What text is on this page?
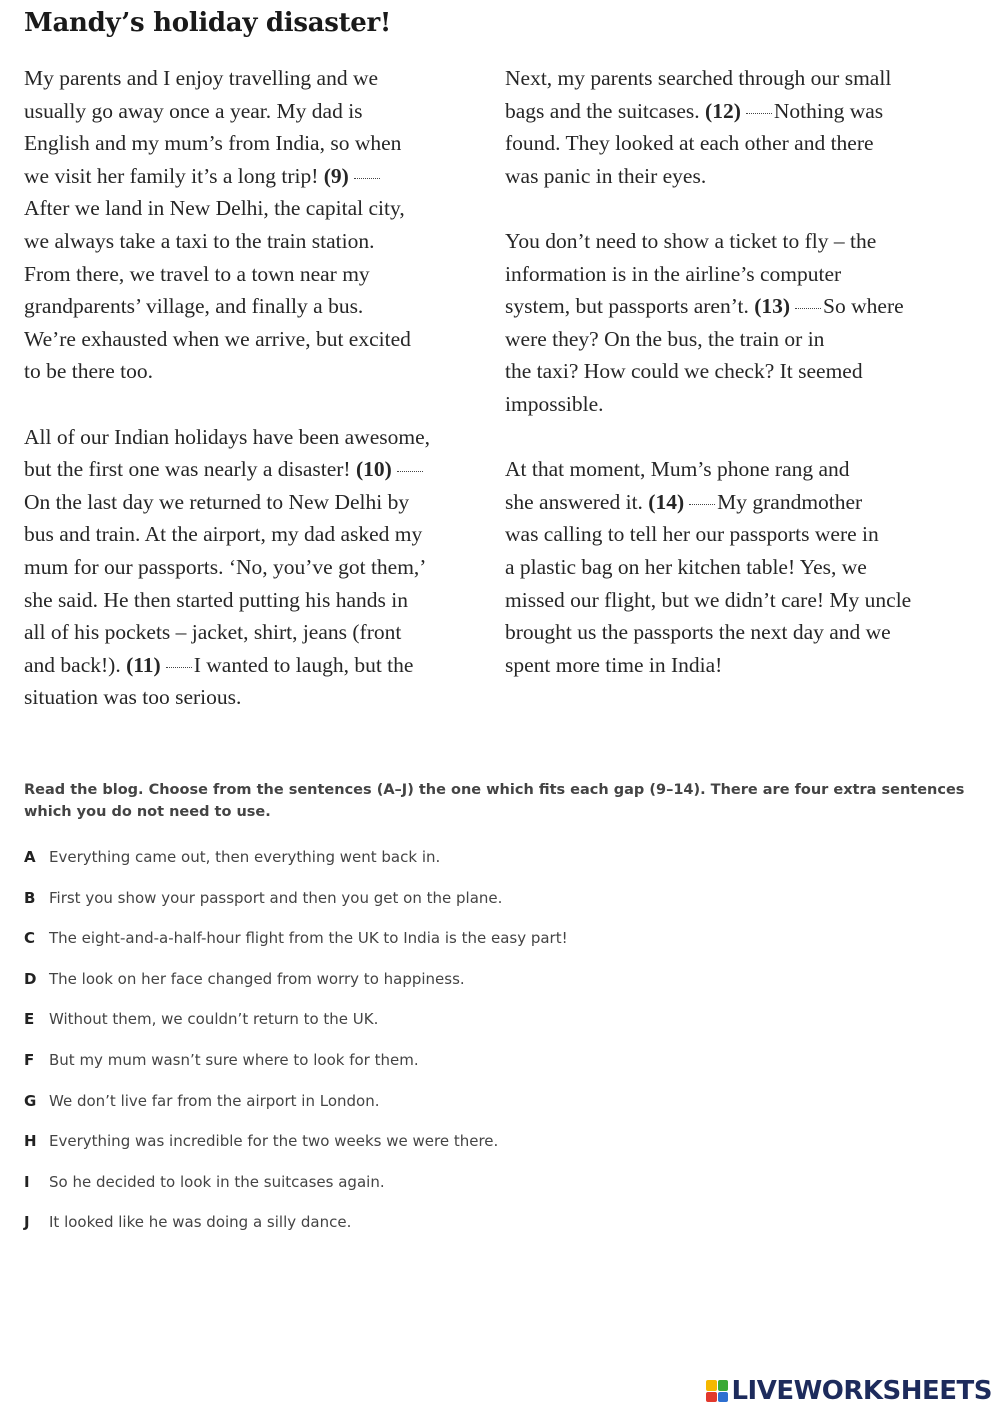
Mandy’s holiday disaster!

My parents and I enjoy travelling and we
usually go away once a year. My dad is
English and my mum’s from India, so when
we visit her family it’s a long trip! (9)
After we land in New Delhi, the capital city,
we always take a taxi to the train station.
From there, we travel to a town near my
grandparents’ village, and finally a bus.
We’re exhausted when we arrive, but excited
to be there too.

All of our Indian holidays have been awesome,
but the first one was nearly a disaster! (10)
On the last day we returned to New Delhi by
bus and train. At the airport, my dad asked my
mum for our passports. ‘No, you’ve got them,’
she said. He then started putting his hands in
all of his pockets – jacket, shirt, jeans (front
and back!). (11) I wanted to laugh, but the
situation was too serious.

Next, my parents searched through our small
bags and the suitcases. (12) Nothing was
found. They looked at each other and there
was panic in their eyes.

You don’t need to show a ticket to fly – the
information is in the airline’s computer
system, but passports aren’t. (13) So where
were they? On the bus, the train or in
the taxi? How could we check? It seemed
impossible.

At that moment, Mum’s phone rang and
she answered it. (14) My grandmother
was calling to tell her our passports were in
a plastic bag on her kitchen table! Yes, we
missed our flight, but we didn’t care! My uncle
brought us the passports the next day and we
spent more time in India!

Read the blog. Choose from the sentences (A–J) the one which fits each gap (9–14). There are four extra sentences which you do not need to use.

A Everything came out, then everything went back in.
B First you show your passport and then you get on the plane.
C The eight-and-a-half-hour flight from the UK to India is the easy part!
D The look on her face changed from worry to happiness.
E Without them, we couldn’t return to the UK.
F But my mum wasn’t sure where to look for them.
G We don’t live far from the airport in London.
H Everything was incredible for the two weeks we were there.
I So he decided to look in the suitcases again.
J It looked like he was doing a silly dance.
LIVEWORKSHEETS
